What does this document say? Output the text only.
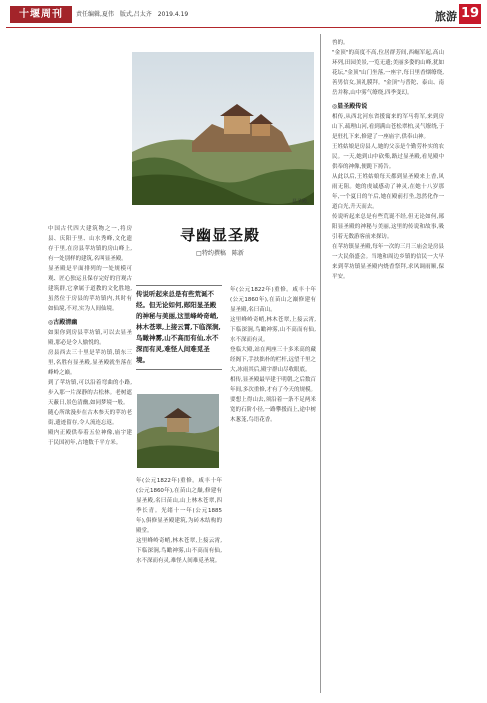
十堰周刊	责任编辑,夏伟 版式,吕太齐 2019.4.19	旅游 19
显圣殿。
寻幽显圣殿
□特约撰稿　陈新

中国古代四大建筑物之一,将房县、庆阳于里、山水秀峰,文化遗存于里,在房县苹坊镇的房山峰上,有一处别样的建筑,名叫显圣殿。

显圣殿是平面排列的一处规模可观、匠心独运且保存完好的宫观古建筑群,它拿属于道教的文化胜地,虽然位于房县的苹坊镇内,其时有如仙境,不对,实为人间仙境。

◎古殿清幽

如果你到房县苹坊镇,可以去显圣殿,那必是令人愉悦的。

房县西去三十里是苹坊镇,镇东三里,名胜有显圣殿,显圣殿就坐落在峰岭之巅。

到了苹坊镇,可以沿着弯曲的小路,步入那一片深静的古松林。老树遮天蔽日,景色清幽,如同梦境一般。

随心所欲漫步在古木参天的苹坊老街,遗迹留存,令人流连忘返。

殿内正殿供奉着五位神像,庙宇建于民国初年,占地数千平方米。

传说听起来总是有些荒诞不经。但无论如何,郧阳显圣殿的神秘与美丽,这里峰岭奇峭,林木苍翠,上接云霄,下临深涧,鸟瞰神雾,山不高而有仙,水不深而有灵,难怪人间难觅圣境。

年(公元1822年)重修。咸丰十年(公元1860年),在苗山之巅,修建有显圣殿,名曰苗山,山上林木苍翠,四季长青。光绪十一年(公元1885年),俱修显圣殿建筑,为砖木结构的殿堂。

这里峰岭奇峭,林木苍翠,上接云霄,下临深涧,鸟瞰神雾,山不高而有仙,水不深而有灵,难怪人间难觅圣境。

年(公元1822年)重修。咸丰十年(公元1860年),在苗山之巅修建有显圣殿,名曰苗山。

这里峰岭奇峭,林木苍翠,上接云霄,下临深涧,鸟瞰神雾,山不高而有仙,水不深而有灵。

登临大殿,站在两座三十多米高的藏经阁下,手扶拙朴的栏杆,远望千里之大,冰雨其后,殿宇群山尽收眼底。

相传,显圣殿最早建于明朝,之后数百年间,多次重修,才有了今天的规模。

要想上得山去,须沿着一条不足两米宽的石阶小径,一路攀援而上,途中树木葱茏,鸟语花香。

兽的。

"金顶"的高度不高,位居群芳间,西崛军起,高山环列,田园美景,一览无遗;美丽多姿的山峰,犹如花坛,"金顶"山门坐落,一座宇,每日里香烟缭绕,善男信女,顶礼膜拜。"金顶"与普陀、泰山、南岳并称,山中雾气缭绕,四季变幻。

◎显圣殿传说

相传,从西北河东省援寓来的军马将军,来到房山下,疏理山河,看到满山苍松翠柏,灵气缭绕,于是驻扎下来,修建了一座庙宇,供奉山神。

王姓姑娘是房县人,她的父亲是个勤劳朴实的农民。一天,她到山中砍柴,路过显圣殿,看见殿中供奉的神像,便跪下祷告。

从此以后,王姓姑娘每天都到显圣殿来上香,风雨无阻。她的虔诚感动了神灵,在她十八岁那年,一个夏日的午后,她在殿前打坐,忽然化作一道白光,升天而去。

传说听起来总是有些荒诞不经,但无论如何,郧阳显圣殿的神秘与美丽,这里的传说和故事,吸引着无数游客前来探访。

在苹坊镇显圣殿,每年一次的三月三庙会是房县一大民俗盛会。当地和周边乡镇的信民一大早来到苹坊镇显圣殿内烧香祭拜,求风调雨顺,保平安。
